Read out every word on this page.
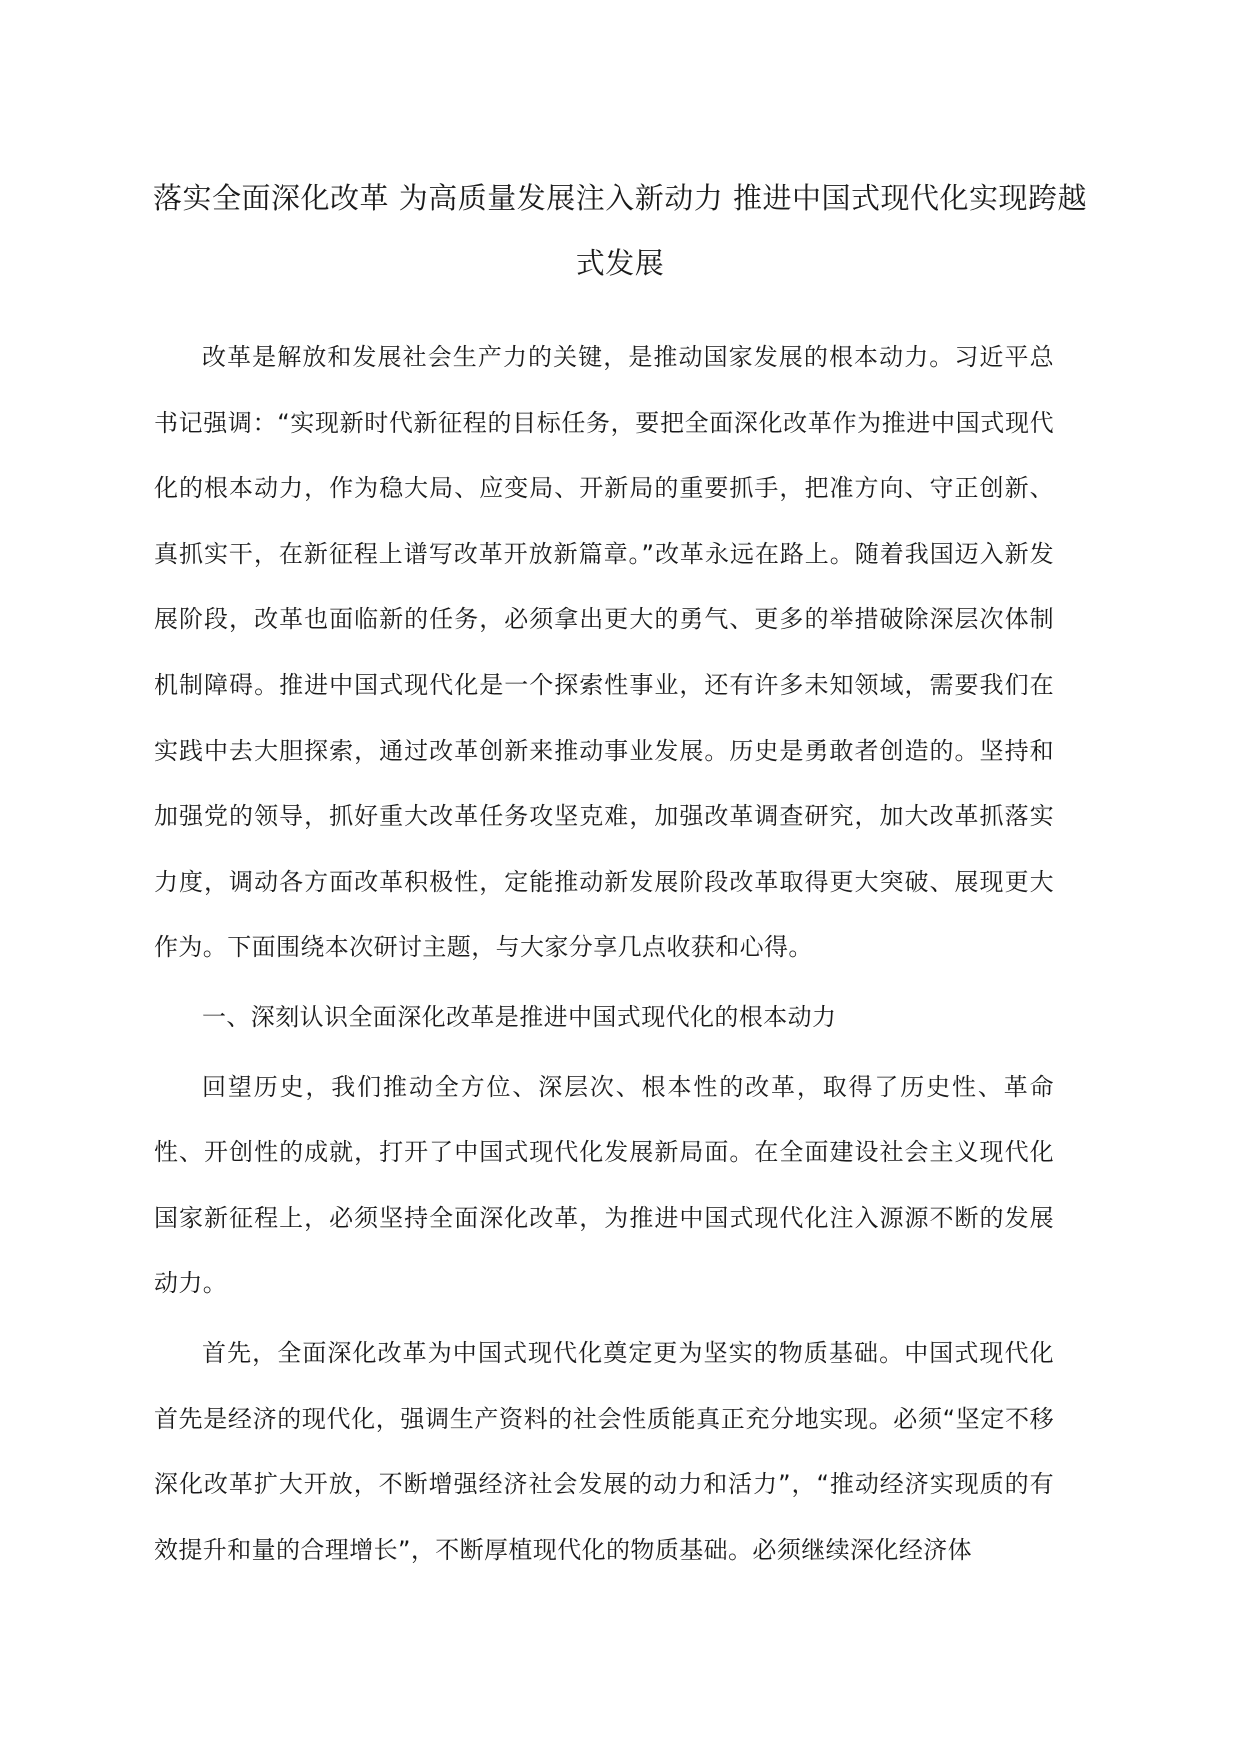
落实全面深化改革 为高质量发展注入新动力 推进中国式现代化实现跨越式发展

改革是解放和发展社会生产力的关键，是推动国家发展的根本动力。习近平总书记强调：“实现新时代新征程的目标任务，要把全面深化改革作为推进中国式现代化的根本动力，作为稳大局、应变局、开新局的重要抓手，把准方向、守正创新、真抓实干，在新征程上谱写改革开放新篇章。”改革永远在路上。随着我国迈入新发展阶段，改革也面临新的任务，必须拿出更大的勇气、更多的举措破除深层次体制机制障碍。推进中国式现代化是一个探索性事业，还有许多未知领域，需要我们在实践中去大胆探索，通过改革创新来推动事业发展。历史是勇敢者创造的。坚持和加强党的领导，抓好重大改革任务攻坚克难，加强改革调查研究，加大改革抓落实力度，调动各方面改革积极性，定能推动新发展阶段改革取得更大突破、展现更大作为。下面围绕本次研讨主题，与大家分享几点收获和心得。

一、深刻认识全面深化改革是推进中国式现代化的根本动力

回望历史，我们推动全方位、深层次、根本性的改革，取得了历史性、革命性、开创性的成就，打开了中国式现代化发展新局面。在全面建设社会主义现代化国家新征程上，必须坚持全面深化改革，为推进中国式现代化注入源源不断的发展动力。

首先，全面深化改革为中国式现代化奠定更为坚实的物质基础。中国式现代化首先是经济的现代化，强调生产资料的社会性质能真正充分地实现。必须“坚定不移深化改革扩大开放，不断增强经济社会发展的动力和活力”，“推动经济实现质的有效提升和量的合理增长”，不断厚植现代化的物质基础。必须继续深化经济体
